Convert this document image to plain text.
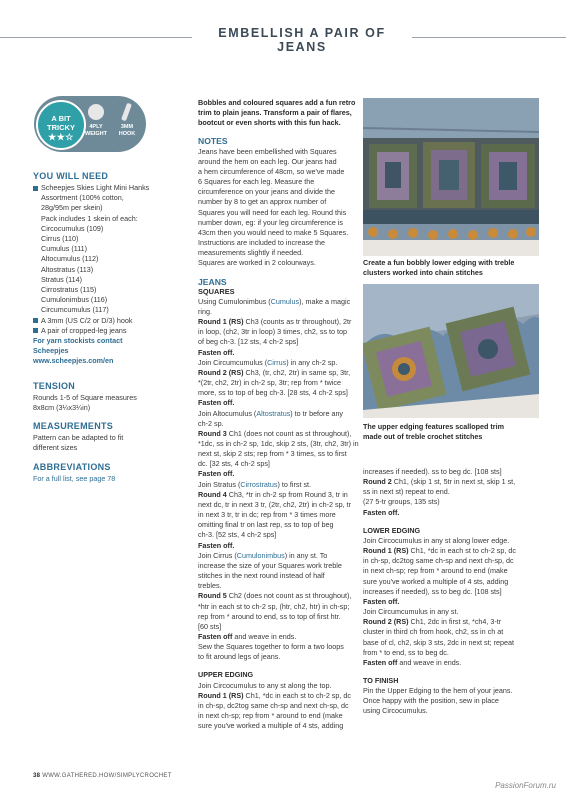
EMBELLISH A PAIR OF JEANS
A BIT TRICKY
★★☆
4PLY
WEIGHT
3MM
HOOK
YOU WILL NEED
Scheepjes Skies Light Mini Hanks
Assortment (100% cotton,
28g/95m per skein)
Pack includes 1 skein of each:
Circocumulus (109)
Cirrus (110)
Cumulus (111)
Altocumulus (112)
Altostratus (113)
Stratus (114)
Cirrostratus (115)
Cumulonimbus (116)
Circumcumulus (117)
A 3mm (US C/2 or D/3) hook
A pair of cropped-leg jeans
For yarn stockists contact
Scheepjes
www.scheepjes.com/en
TENSION
Rounds 1-5 of Square measures
8x8cm (3¼x3¼in)
MEASUREMENTS
Pattern can be adapted to fit
different sizes
ABBREVIATIONS
For a full list, see page 78

Bobbles and coloured squares add a fun retro

trim to plain jeans. Transform a pair of flares,

bootcut or even shorts with this fun hack.

NOTES

Jeans have been embellished with Squares

around the hem on each leg. Our jeans had

a hem circumference of 48cm, so we've made

6 Squares for each leg. Measure the

circumference on your jeans and divide the

number by 8 to get an approx number of

Squares you will need for each leg. Round this

number down, eg: if your leg circumference is

43cm then you would need to make 5 Squares.

Instructions are included to increase the

measurements slightly if needed.

Squares are worked in 2 colourways.

JEANS
SQUARES

Using Cumulonimbus (Cumulus), make a magic

ring.

Round 1 (RS) Ch3 (counts as tr throughout), 2tr

in loop, (ch2, 3tr in loop) 3 times, ch2, ss to top

of beg ch-3. [12 sts, 4 ch-2 sps]

Fasten off.

Join Circumcumulus (Cirrus) in any ch-2 sp.

Round 2 (RS) Ch3, (tr, ch2, 2tr) in same sp, 3tr,

*(2tr, ch2, 2tr) in ch-2 sp, 3tr; rep from * twice

more, ss to top of beg ch-3. [28 sts, 4 ch-2 sps]

Fasten off.

Join Altocumulus (Altostratus) to tr before any

ch-2 sp.

Round 3 Ch1 (does not count as st throughout),

*1dc, ss in ch-2 sp, 1dc, skip 2 sts, (3tr, ch2, 3tr) in

next st, skip 2 sts; rep from * 3 times, ss to first

dc. [32 sts, 4 ch-2 sps]

Fasten off.

Join Stratus (Cirrostratus) to first st.

Round 4 Ch3, *tr in ch-2 sp from Round 3, tr in

next dc, tr in next 3 tr, (2tr, ch2, 2tr) in ch-2 sp, tr

in next 3 tr, tr in dc; rep from * 3 times more

omitting final tr on last rep, ss to top of beg

ch-3. [52 sts, 4 ch-2 sps]

Fasten off.

Join Cirrus (Cumulonimbus) in any st. To

increase the size of your Squares work treble

stitches in the next round instead of half

trebles.

Round 5 Ch2 (does not count as st throughout),

*htr in each st to ch-2 sp, (htr, ch2, htr) in ch-sp;

rep from * around to end, ss to top of first htr.

[60 sts]

Fasten off and weave in ends.

Sew the Squares together to form a two loops

to fit around legs of jeans.

UPPER EDGING

Join Circocumulus to any st along the top.

Round 1 (RS) Ch1, *dc in each st to ch-2 sp, dc

in ch-sp, dc2tog same ch-sp and next ch-sp, dc

in next ch-sp; rep from * around to end (make

sure you've worked a multiple of 4 sts, adding

Create a fun bobbly lower edging with treble
clusters worked into chain stitches
The upper edging features scalloped trim
made out of treble crochet stitches

increases if needed). ss to beg dc. [108 sts]

Round 2 Ch1, (skip 1 st, 5tr in next st, skip 1 st,

ss in next st) repeat to end.

(27 5-tr groups, 135 sts)

Fasten off.

LOWER EDGING

Join Circocumulus in any st along lower edge.

Round 1 (RS) Ch1, *dc in each st to ch-2 sp, dc

in ch-sp, dc2tog same ch-sp and next ch-sp, dc

in next ch-sp; rep from * around to end (make

sure you've worked a multiple of 4 sts, adding

increases if needed), ss to beg dc. [108 sts]

Fasten off.

Join Circumcumulus in any st.

Round 2 (RS) Ch1, 2dc in first st, *ch4, 3-tr

cluster in third ch from hook, ch2, ss in ch at

base of cl, ch2, skip 3 sts, 2dc in next st; repeat

from * to end, ss to beg dc.

Fasten off and weave in ends.

TO FINISH

Pin the Upper Edging to the hem of your jeans.

Once happy with the position, sew in place

using Circocumulus.

38 WWW.GATHERED.HOW/SIMPLYCROCHET
PassionForum.ru
